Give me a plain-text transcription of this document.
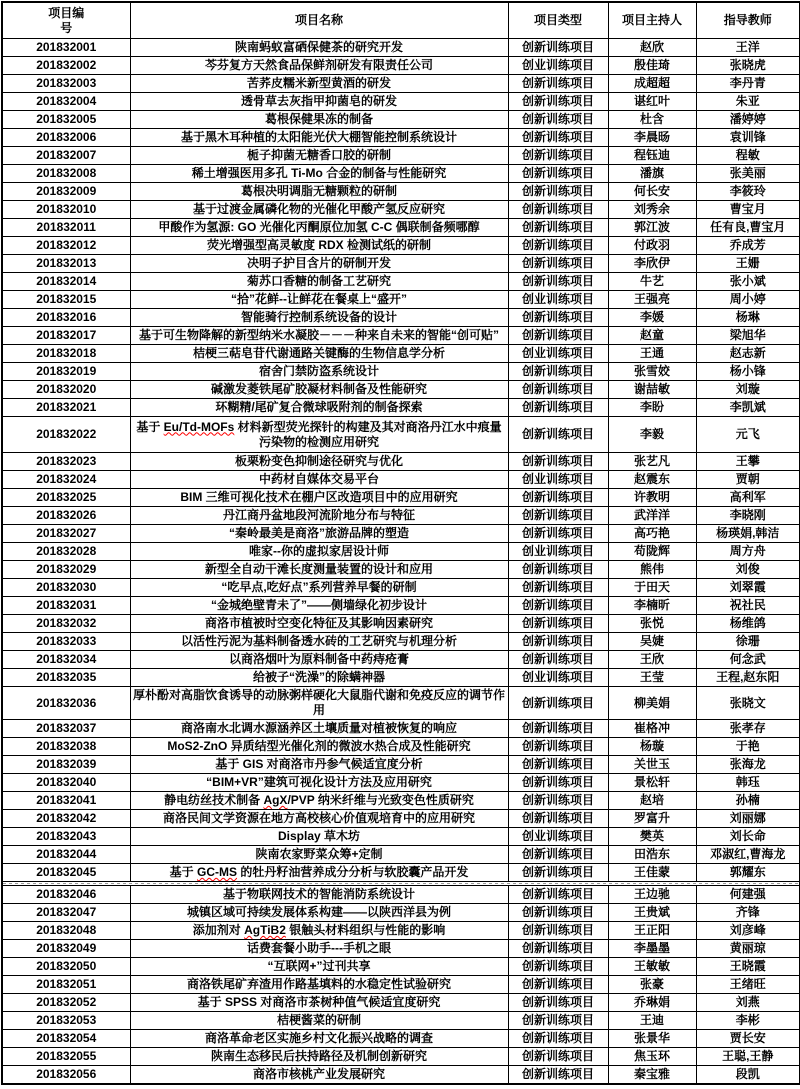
项目编号	项目名称	项目类型	项目主持人	指导教师
201832001	陕南蚂蚁富硒保健茶的研究开发	创新训练项目	赵欣	王洋
201832002	芩芬复方天然食品保鲜剂研发有限责任公司	创业训练项目	殷佳琦	张晓虎
201832003	苦荞皮糯米新型黄酒的研发	创新训练项目	成超超	李丹青
201832004	透骨草去灰指甲抑菌皂的研发	创新训练项目	谌红叶	朱亚
201832005	葛根保健果冻的制备	创新训练项目	杜含	潘婷婷
201832006	基于黑木耳种植的太阳能光伏大棚智能控制系统设计	创新训练项目	李晨旸	袁训锋
201832007	栀子抑菌无糖香口胶的研制	创新训练项目	程钰迪	程敏
201832008	稀土增强医用多孔 Ti-Mo 合金的制备与性能研究	创新训练项目	潘旗	张美丽
201832009	葛根决明调脂无糖颗粒的研制	创新训练项目	何长安	李筱玲
201832010	基于过渡金属磷化物的光催化甲酸产氢反应研究	创新训练项目	刘秀余	曹宝月
201832011	甲酸作为氢源: GO 光催化丙酮原位加氢 C-C 偶联制备频哪醇	创新训练项目	郭江波	任有良,曹宝月
201832012	荧光增强型高灵敏度 RDX 检测试纸的研制	创新训练项目	付政羽	乔成芳
201832013	决明子护目含片的研制开发	创新训练项目	李欣伊	王姗
201832014	菊苏口香糖的制备工艺研究	创新训练项目	牛艺	张小斌
201832015	“拾”花鲜--让鲜花在餐桌上“盛开”	创业训练项目	王强亮	周小婷
201832016	智能骑行控制系统设备的设计	创新训练项目	李媛	杨琳
201832017	基于可生物降解的新型纳米水凝胶－－－种来自未来的智能“创可贴”	创新训练项目	赵童	梁旭华
201832018	桔梗三萜皂苷代谢通路关键酶的生物信息学分析	创业训练项目	王通	赵志新
201832019	宿舍门禁防盗系统设计	创新训练项目	张雪姣	杨小锋
201832020	碱激发菱铁尾矿胶凝材料制备及性能研究	创新训练项目	谢喆敏	刘璇
201832021	环糊精/尾矿复合微球吸附剂的制备探索	创新训练项目	李盼	李凯斌
201832022	基于 Eu/Td-MOFs 材料新型荧光探针的构建及其对商洛丹江水中痕量污染物的检测应用研究	创新训练项目	李毅	元飞
201832023	板栗粉变色抑制途径研究与优化	创新训练项目	张艺凡	王攀
201832024	中药材自媒体交易平台	创业训练项目	赵震东	贾朝
201832025	BIM 三维可视化技术在棚户区改造项目中的应用研究	创新训练项目	许教明	高利军
201832026	丹江商丹盆地段河流阶地分布与特征	创新训练项目	武洋洋	李晓刚
201832027	“秦岭最美是商洛”旅游品牌的塑造	创新训练项目	高巧艳	杨瑛娟,韩洁
201832028	唯家--你的虚拟家居设计师	创业训练项目	苟陇辉	周方舟
201832029	新型全自动干滩长度测量装置的设计和应用	创新训练项目	熊伟	刘俊
201832030	“吃早点,吃好点”系列营养早餐的研制	创新训练项目	于田天	刘翠霞
201832031	“金城绝壁青未了”——侧墙绿化初步设计	创新训练项目	李楠昕	祝社民
201832032	商洛市植被时空变化特征及其影响因素研究	创新训练项目	张悦	杨维鸽
201832033	以活性污泥为基料制备透水砖的工艺研究与机理分析	创新训练项目	吴婕	徐珊
201832034	以商洛烟叶为原料制备中药痔疮膏	创新训练项目	王欣	何念武
201832035	给被子“洗澡”的除螨神器	创业训练项目	王莹	王程,赵东阳
201832036	厚朴酚对高脂饮食诱导的动脉粥样硬化大鼠脂代谢和免疫反应的调节作用	创新训练项目	柳美娟	张晓文
201832037	商洛南水北调水源涵养区土壤质量对植被恢复的响应	创新训练项目	崔格冲	张孝存
201832038	MoS2-ZnO 异质结型光催化剂的微波水热合成及性能研究	创新训练项目	杨璇	于艳
201832039	基于 GIS 对商洛市丹参气候适宜度分析	创新训练项目	关世玉	张海龙
201832040	“BIM+VR”建筑可视化设计方法及应用研究	创新训练项目	景松轩	韩珏
201832041	静电纺丝技术制备 AgX/PVP 纳米纤维与光致变色性质研究	创新训练项目	赵培	孙楠
201832042	商洛民间文学资源在地方高校核心价值观培育中的应用研究	创新训练项目	罗富升	刘丽娜
201832043	Display 草木坊	创业训练项目	樊英	刘长命
201832044	陕南农家野菜众筹+定制	创新训练项目	田浩东	邓淑红,曹海龙
201832045	基于 GC-MS 的牡丹籽油营养成分分析与软胶囊产品开发	创新训练项目	王佳蒙	郭耀东

201832046	基于物联网技术的智能消防系统设计	创新训练项目	王边驰	何建强
201832047	城镇区域可持续发展体系构建——以陕西洋县为例	创新训练项目	王贵斌	齐锋
201832048	添加剂对 AgTiB2 银触头材料组织与性能的影响	创新训练项目	王正阳	刘彦峰
201832049	话费套餐小助手---手机之眼	创新训练项目	李墨墨	黄丽琼
201832050	“互联网+”过刊共享	创新训练项目	王敏敏	王晓霞
201832051	商洛铁尾矿弃渣用作路基填料的水稳定性试验研究	创新训练项目	张豪	王绪旺
201832052	基于 SPSS 对商洛市茶树种值气候适宜度研究	创新训练项目	乔琳娟	刘燕
201832053	桔梗酱菜的研制	创新训练项目	王迪	李彬
201832054	商洛革命老区实施乡村文化振兴战略的调查	创新训练项目	张景华	贾长安
201832055	陕南生态移民后扶持路径及机制创新研究	创新训练项目	焦玉环	王聪,王静
201832056	商洛市核桃产业发展研究	创新训练项目	秦宝雅	段凯
